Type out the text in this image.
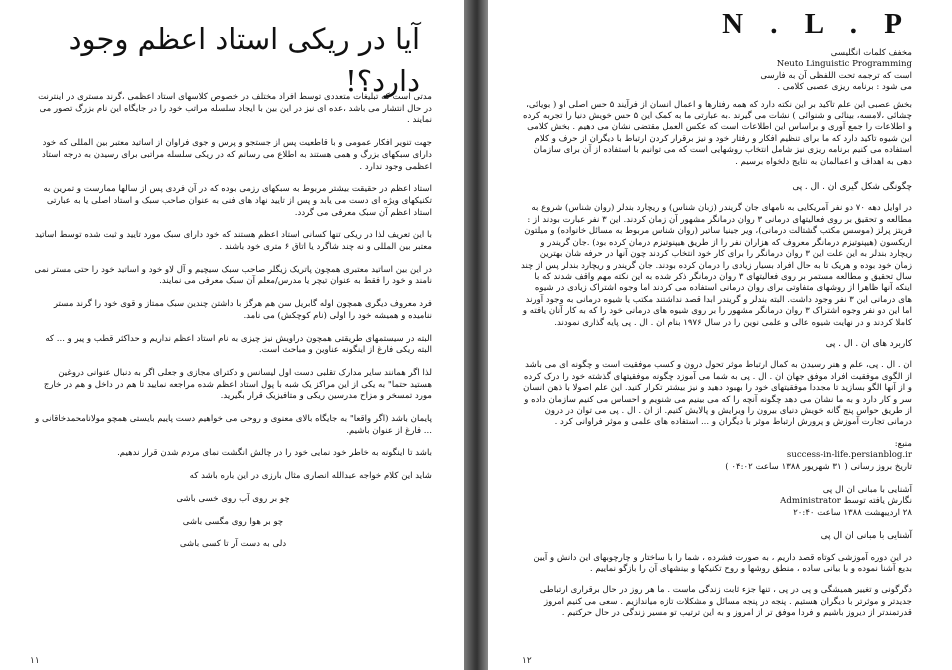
آیا در ریکی استاد اعظم وجود دارد؟!

مدتی است که تبلیغات متعددی توسط افراد مختلف در خصوص کلاسهای استاد اعظمی ،گرند مستری در اینترنت در حال انتشار می باشد ،عده ای نیز در این بین با ایجاد سلسله مراتب خود را در جایگاه این نام بزرگ تصور می نمایند .

جهت تنویر افکار عمومی و با قاطعیت پس از جستجو و پرس و جوی فراوان از اساتید معتبر بین المللی که خود دارای سبکهای بزرگ و همی هستند به اطلاع می رسانم که در ریکی سلسله مراتبی برای رسیدن به درجه استاد اعظمی وجود ندارد .

استاد اعظم در حقیقت بیشتر مربوط به سبکهای رزمی بوده که در آن فردی پس از سالها ممارست و تمرین به تکنیکهای ویژه ای دست می یابد و پس از تایید نهاد های فنی به عنوان صاحب سبک و استاد اصلی یا به عبارتی استاد اعظم آن سبک معرفی می گردد.

با این تعریف لذا در ریکی تنها کسانی استاد اعظم هستند که خود دارای سبک مورد تایید و ثبت شده توسط اساتید معتبر بین المللی و نه چند شاگرد یا اتاق ۶ متری خود باشند .

در این بین اساتید معتبری همچون پاتریک زیگلر صاحب سبک سیچیم و آل لاو خود و اساتید خود را حتی مستر نمی نامند و خود را فقط به عنوان تیچر یا مدرس/معلم آن سبک معرفی می نمایند.

فرد معروف دیگری همچون اوله گابریل سن هم هرگز با داشتن چندین سبک ممتاز و قوی خود را گرند مستر ننامیده و همیشه خود را اولی (نام کوچکش) می نامد.

البته در سیستمهای طریقتی همچون دراویش نیز چیزی به نام استاد اعظم نداریم و حداکثر قطب و پیر و ... که البته ریکی فارغ از اینگونه عناوین و مباحث است.

لذا اگر همانند سایر مدارک تقلبی دست اول لیسانس و دکترای مجازی و جعلی اگر به دنبال عنوانی دروغین هستید حتما" به یکی از این مراکز یک شبه با پول استاد اعظم شده مراجعه نمایید تا هم در داخل و هم در خارج مورد تمسخر و مزاح مدرسین ریکی و متافیزیک قرار بگیرید.

پایمان باشد (اگر واقعا" به جایگاه بالای معنوی و روحی می خواهیم دست پاییم بایستی همچو مولانامحمدخاقانی و ... فارغ از عنوان باشیم.

باشد تا اینگونه به خاطر خود نمایی خود را در چالش انگشت نمای مردم شدن قرار ندهیم.

شاید این کلام خواجه عبدالله انصاری مثال بارزی در این باره باشد که

چو بر روی آب روی خسی باشی

چو بر هوا روی مگسی باشی

دلی به دست آر تا کسی باشی

۱۱
N . L . P
مخفف کلمات انگلیسی
Neuto Linguistic Programming
است که ترجمه تحت اللفظی آن به فارسی
می شود : برنامه ریزی عصبی کلامی .

بخش عصبی این علم تاکید بر این نکته دارد که همه رفتارها و اعمال انسان از فرآیند ۵ حس اصلی او ( بویائی، چشائی ،لامسه، بینائی و شنوائی ) نشات می گیرند .به عبارتی ما به کمک این ۵ حس خویش دنیا را تجربه کرده و اطلاعات را جمع آوری و براساس این اطلاعات است که عکس العمل مقتضی نشان می دهیم . بخش کلامی این شیوه تاکید دارد که ما برای تنظیم افکار و رفتار خود و نیز برقرار کردن ارتباط با دیگران از حرف و کلام استفاده می کنیم برنامه ریزی نیز شامل انتخاب روشهایی است که می توانیم با استفاده از آن برای سازمان دهی به اهداف و اعمالمان به نتایج دلخواه برسیم .

چگونگی شکل گیری ان . ال . پی

در اوایل دهه ۷۰ دو نفر آمریکایی به نامهای جان گریندر (زبان شناس) و ریچارد بندلر (روان شناس) شروع به مطالعه و تحقیق بر روی فعالیتهای درمانی ۳ روان درمانگر مشهور آن زمان کردند. این ۳ نفر عبارت بودند از : فریتز پرلز (موسس مکتب گشتالت درمانی)، ویر جینیا ساتیر (روان شناس مربوط به مسائل خانواده) و میلتون اریکسون (هیپنوتیزم درمانگر معروف که هزاران نفر را از طریق هیپنوتیزم درمان کرده بود) .جان گریندر و ریچارد بندلر به این علت این ۳ روان درمانگر را برای کار خود انتخاب کردند چون آنها در حرفه شان بهترین زمان خود بوده و هریک تا به حال افراد بسیار زیادی را درمان کرده بودند. جان گریندر و ریچارد بندلر پس از چند سال تحقیق و مطالعه مستمر بر روی فعالیتهای ۳ روان درمانگر ذکر شده به این نکته مهم واقف شدند که با اینکه آنها ظاهرا از روشهای متفاوتی برای روان درمانی استفاده می کردند اما وجوه اشتراک زیادی در شیوه های درمانی این ۳ نفر وجود داشت. البته بندلر و گریندر ابدا قصد نداشتند مکتب یا شیوه درمانی به وجود آورند اما این دو نفر وجوه اشتراک ۳ روان درمانگر مشهور را بر روی شیوه های درمانی خود را که به کار آنان یافته و کاملا کردند و در نهایت شیوه عالی و علمی نوین را در سال ۱۹۷۶ بنام ان . ال . پی پایه گذاری نمودند.

کاربرد های ان . ال . پی

ان . ال . پی، علم و هنر رسیدن به کمال ارتباط موثر تحول درون و کسب موفقیت است و چگونه ای می باشد از الگوی موفقیت افراد موفق جهان ان . ال . پی به شما می آموزد چگونه موفقیتهای گذشته خود را درک کرده و از آنها الگو بسازید تا مجددا موفقیتهای خود را بهبود دهید و نیز بیشتر تکرار کنید. این علم اصولا با ذهن انسان سر و کار دارد و به ما نشان می دهد چگونه آنچه را که می بینیم می شنویم و احساس می کنیم سازمان داده و از طریق حواس پنج گانه خویش دنیای بیرون را ویرایش و پالایش کنیم. از ان . ال . پی می توان در درون درمانی تجارت آموزش و پرورش ارتباط موثر با دیگران و ... استفاده های علمی و موثر فراوانی کرد .

منبع:
success-in-life.persianblog.ir
تاریخ بروز رسانی ( ۳۱ شهریور ۱۳۸۸ ساعت ۰۴:۰۲ )
آشنایی با مبانی ان ال پی
نگارش یافته توسط Administrator
۲۸ اردیبهشت ۱۳۸۸ ساعت ۲۰:۴۰

آشنایی با مبانی ان ال پی

در این دوره آموزشی کوتاه قصد داریم ، به صورت فشرده ، شما را با ساختار و چارچوبهای این دانش و آیین بدیع آشنا نموده و با بیانی ساده ، منطق روشها و روح تکنیکها و بینشهای آن را بازگو نماییم .

دگرگونی و تغییر همیشگی و پی در پی ، تنها جزء ثابت زندگی ماست . ما هر روز در حال برقراری ارتباطی جدیدتر و موثرتر با دیگران هستیم . پنجه در پنجه مسائل و مشکلات تازه میاندازیم . سعی می کنیم امروز قدرتمندتر از دیروز باشیم و فردا موفق تر از امروز و به این ترتیب تو مسیر زندگی در حال حرکتیم .

۱۲
